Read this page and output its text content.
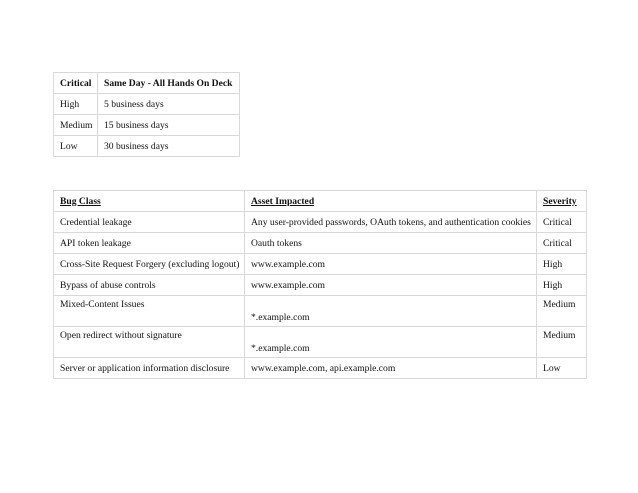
Critical	Same Day - All Hands On Deck
High	5 business days
Medium	15 business days
Low	30 business days
Bug Class	Asset Impacted	Severity
Credential leakage	Any user-provided passwords, OAuth tokens, and authentication cookies	Critical
API token leakage	Oauth tokens	Critical
Cross-Site Request Forgery (excluding logout)	www.example.com	High
Bypass of abuse controls	www.example.com	High
Mixed-Content Issues	*.example.com	Medium
Open redirect without signature	*.example.com	Medium
Server or application information disclosure	www.example.com, api.example.com	Low
